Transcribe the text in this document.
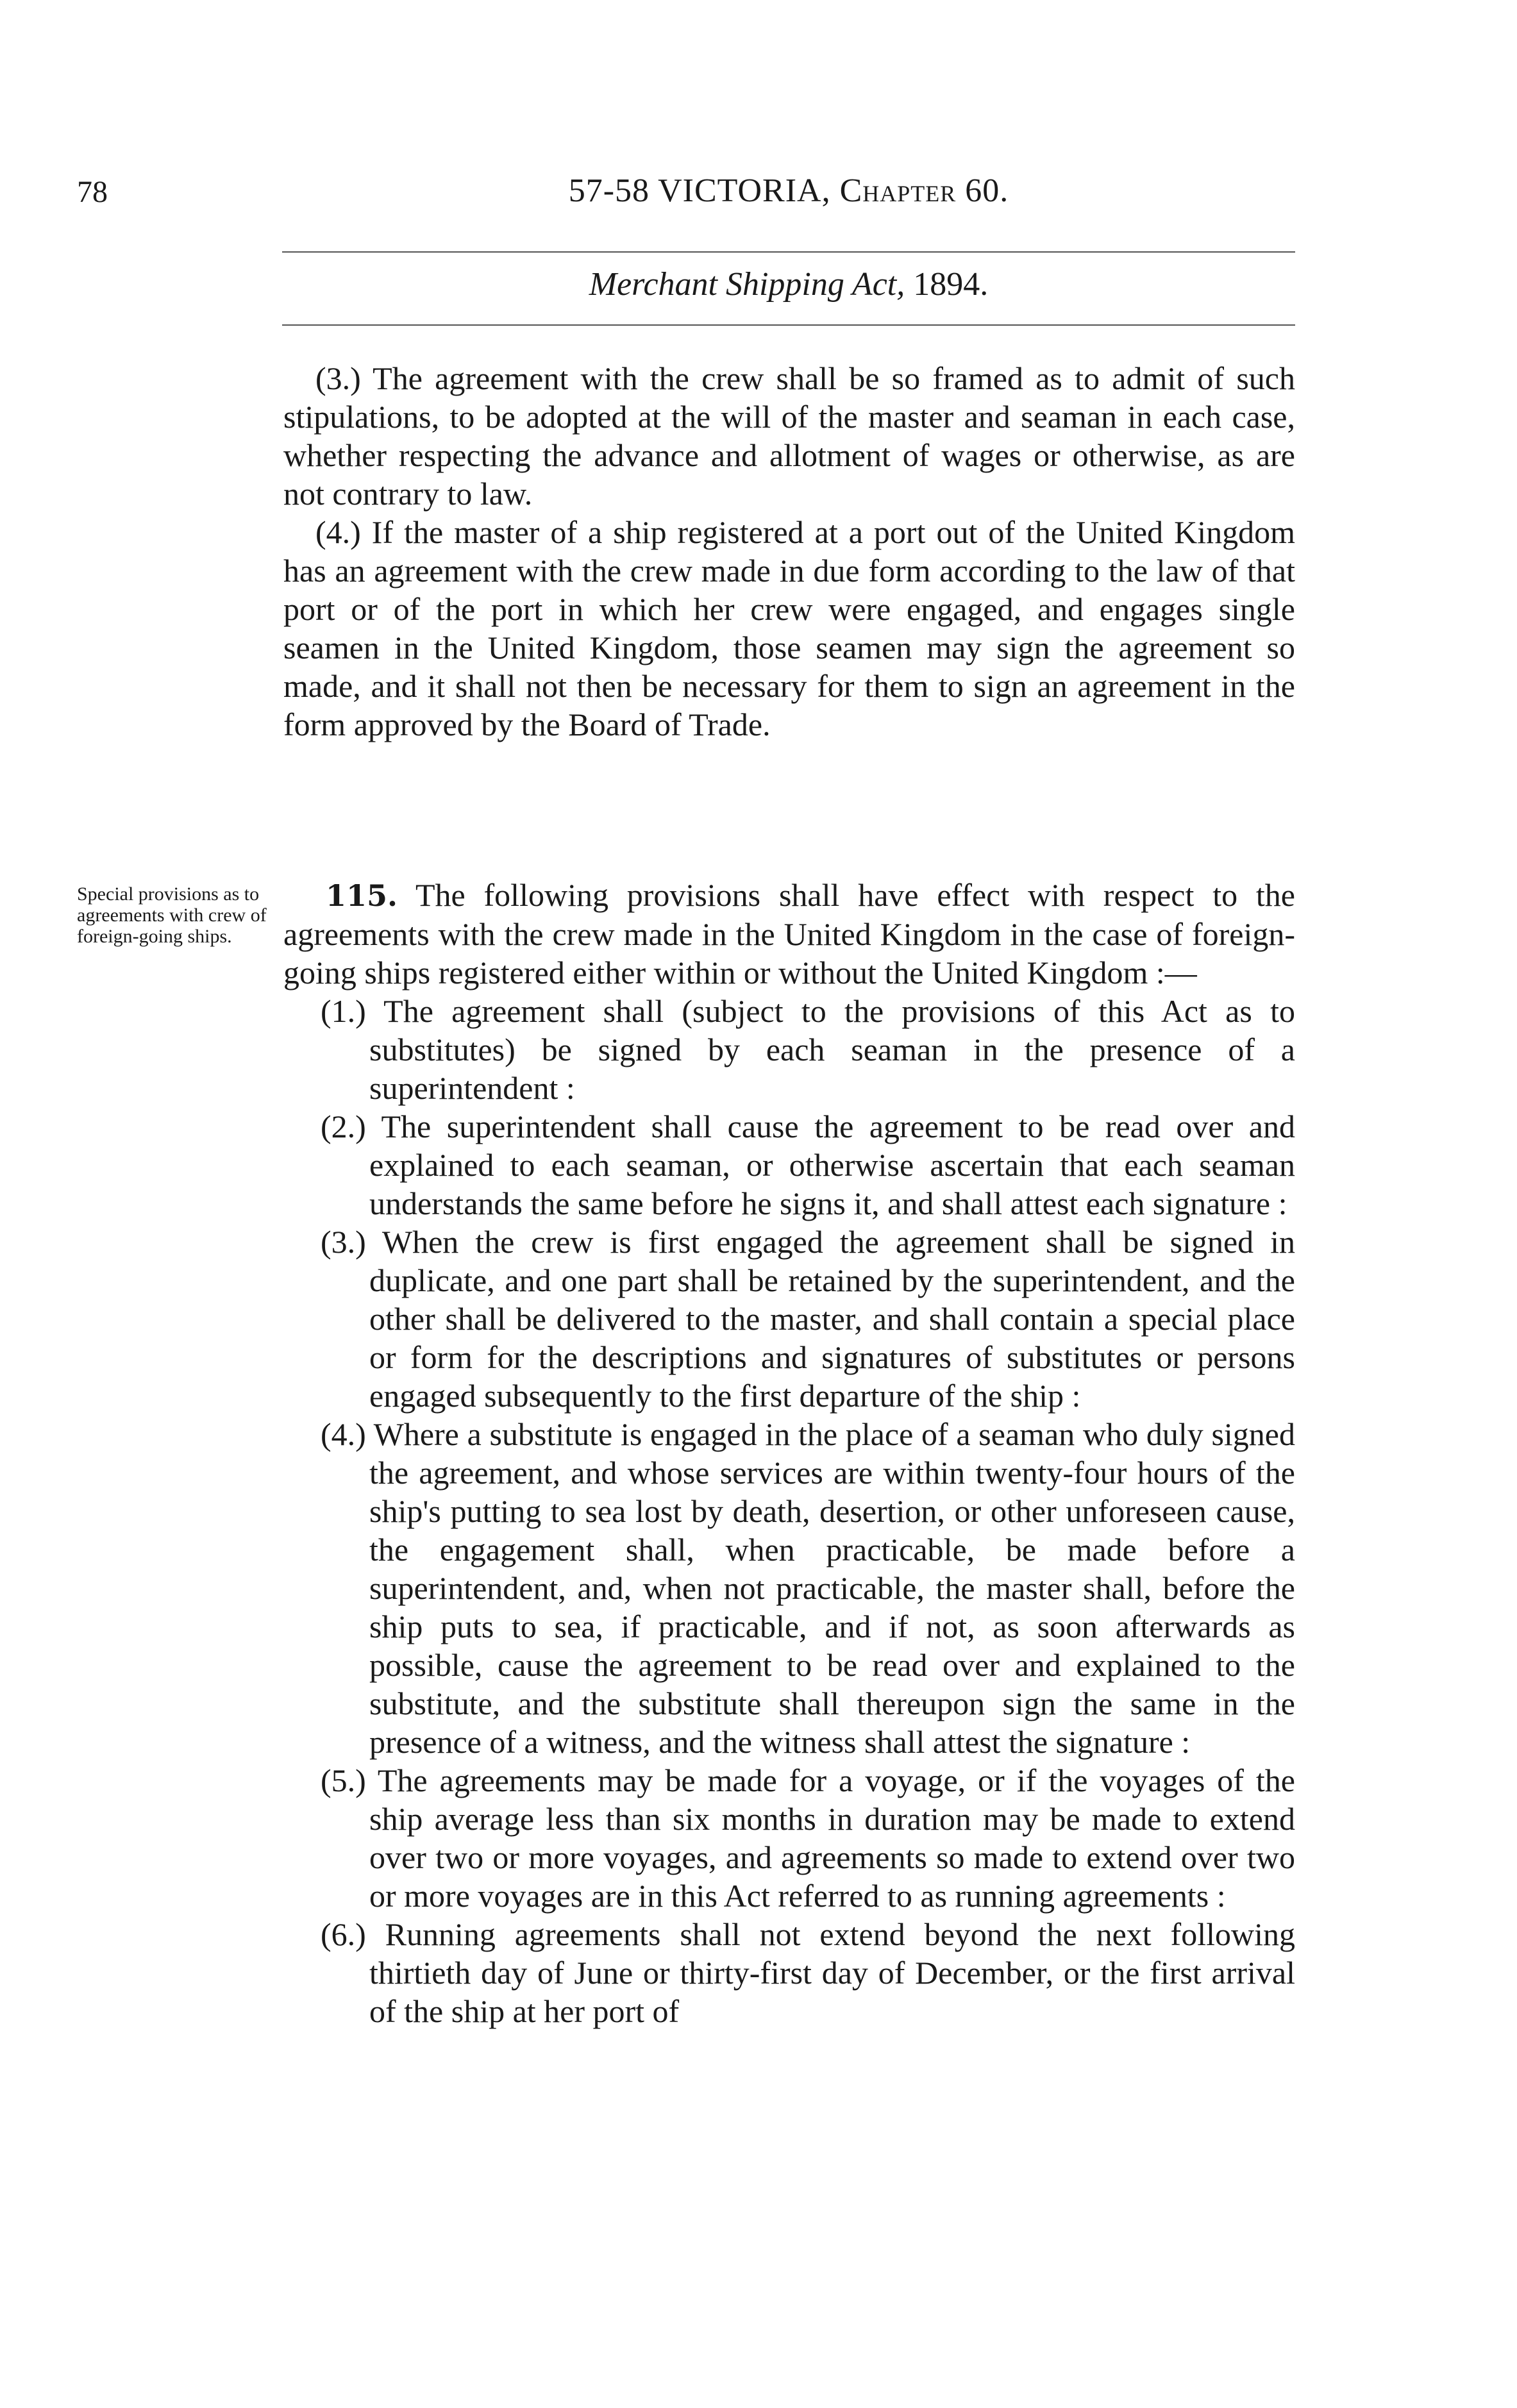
78	57-58 VICTORIA, Chapter 60.
Merchant Shipping Act, 1894.

(3.) The agreement with the crew shall be so framed as to admit of such stipulations, to be adopted at the will of the master and seaman in each case, whether respecting the advance and allotment of wages or otherwise, as are not contrary to law.

(4.) If the master of a ship registered at a port out of the United Kingdom has an agreement with the crew made in due form according to the law of that port or of the port in which her crew were engaged, and engages single seamen in the United Kingdom, those seamen may sign the agreement so made, and it shall not then be necessary for them to sign an agreement in the form approved by the Board of Trade.

Special provisions as to agreements with crew of foreign-going ships.

115. The following provisions shall have effect with respect to the agreements with the crew made in the United Kingdom in the case of foreign-going ships registered either within or without the United Kingdom :—

(1.) The agreement shall (subject to the provisions of this Act as to substitutes) be signed by each seaman in the presence of a superintendent :
(2.) The superintendent shall cause the agreement to be read over and explained to each seaman, or otherwise ascertain that each seaman understands the same before he signs it, and shall attest each signature :
(3.) When the crew is first engaged the agreement shall be signed in duplicate, and one part shall be retained by the superintendent, and the other shall be delivered to the master, and shall contain a special place or form for the descriptions and signatures of substitutes or persons engaged subsequently to the first departure of the ship :
(4.) Where a substitute is engaged in the place of a seaman who duly signed the agreement, and whose services are within twenty-four hours of the ship's putting to sea lost by death, desertion, or other unforeseen cause, the engagement shall, when practicable, be made before a superintendent, and, when not practicable, the master shall, before the ship puts to sea, if practicable, and if not, as soon afterwards as possible, cause the agreement to be read over and explained to the substitute, and the substitute shall thereupon sign the same in the presence of a witness, and the witness shall attest the signature :
(5.) The agreements may be made for a voyage, or if the voyages of the ship average less than six months in duration may be made to extend over two or more voyages, and agreements so made to extend over two or more voyages are in this Act referred to as running agreements :
(6.) Running agreements shall not extend beyond the next following thirtieth day of June or thirty-first day of December, or the first arrival of the ship at her port of
